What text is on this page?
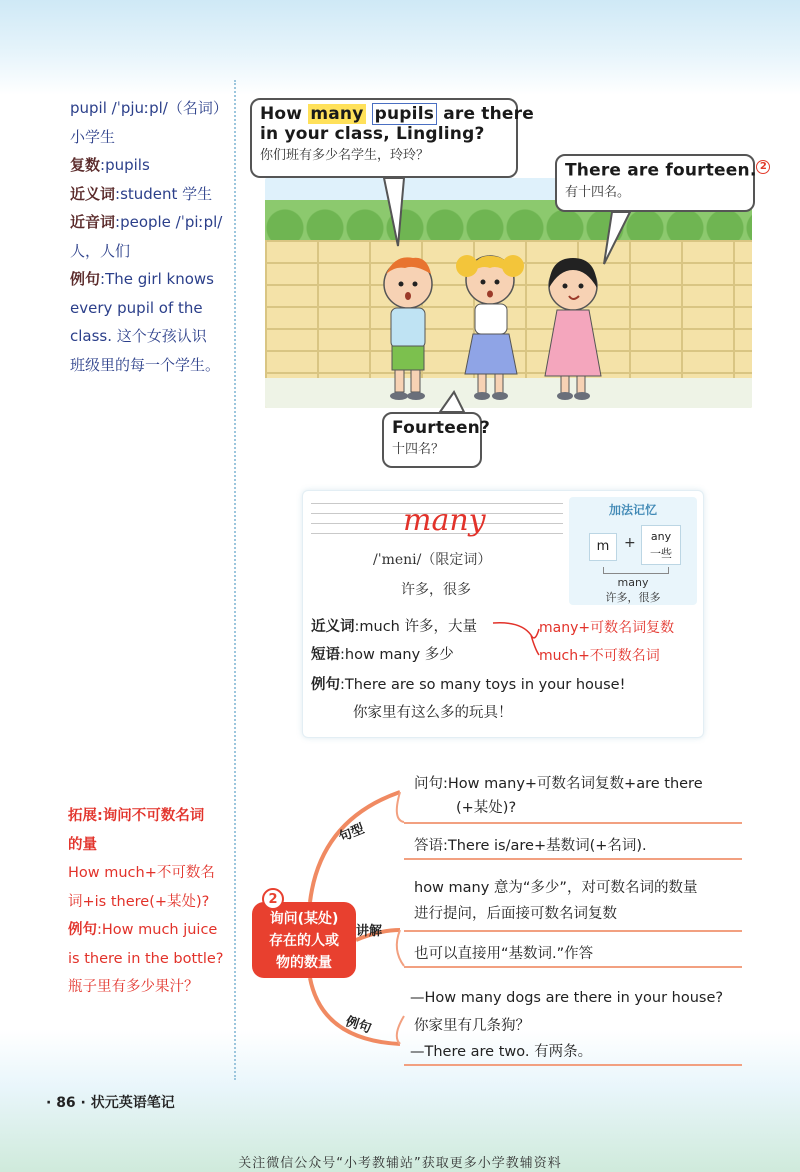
pupil /ˈpjuːpl/（名词）
小学生
复数:pupils
近义词:student 学生
近音词:people /ˈpiːpl/
人，人们
例句:The girl knows
every pupil of the
class. 这个女孩认识
班级里的每一个学生。
How many pupils are there
in your class, Lingling?
你们班有多少名学生，玲玲？
There are fourteen. 2
有十四名。
Fourteen?
十四名？
many
/ˈmeni/（限定词）
许多，很多
加法记忆
m	+	any
一些
many
许多，很多
近义词:much 许多，大量
短语:how many 多少
例句:There are so many toys in your house!
你家里有这么多的玩具！
many+可数名词复数
much+不可数名词
拓展:询问不可数名词
的量
How much+不可数名
词+is there(+某处)?
例句:How much juice
is there in the bottle?
瓶子里有多少果汁？
句型
讲解
例句
问句:How many+可数名词复数+are there
(+某处)?
答语:There is/are+基数词(+名词).
how many 意为“多少”，对可数名词的数量
进行提问，后面接可数名词复数
也可以直接用“基数词.”作答
—How many dogs are there in your house?
你家里有几条狗？
—There are two. 有两条。
询问(某处)
存在的人或
物的数量
2
· 86 · 状元英语笔记
关注微信公众号“小考教辅站”获取更多小学教辅资料
